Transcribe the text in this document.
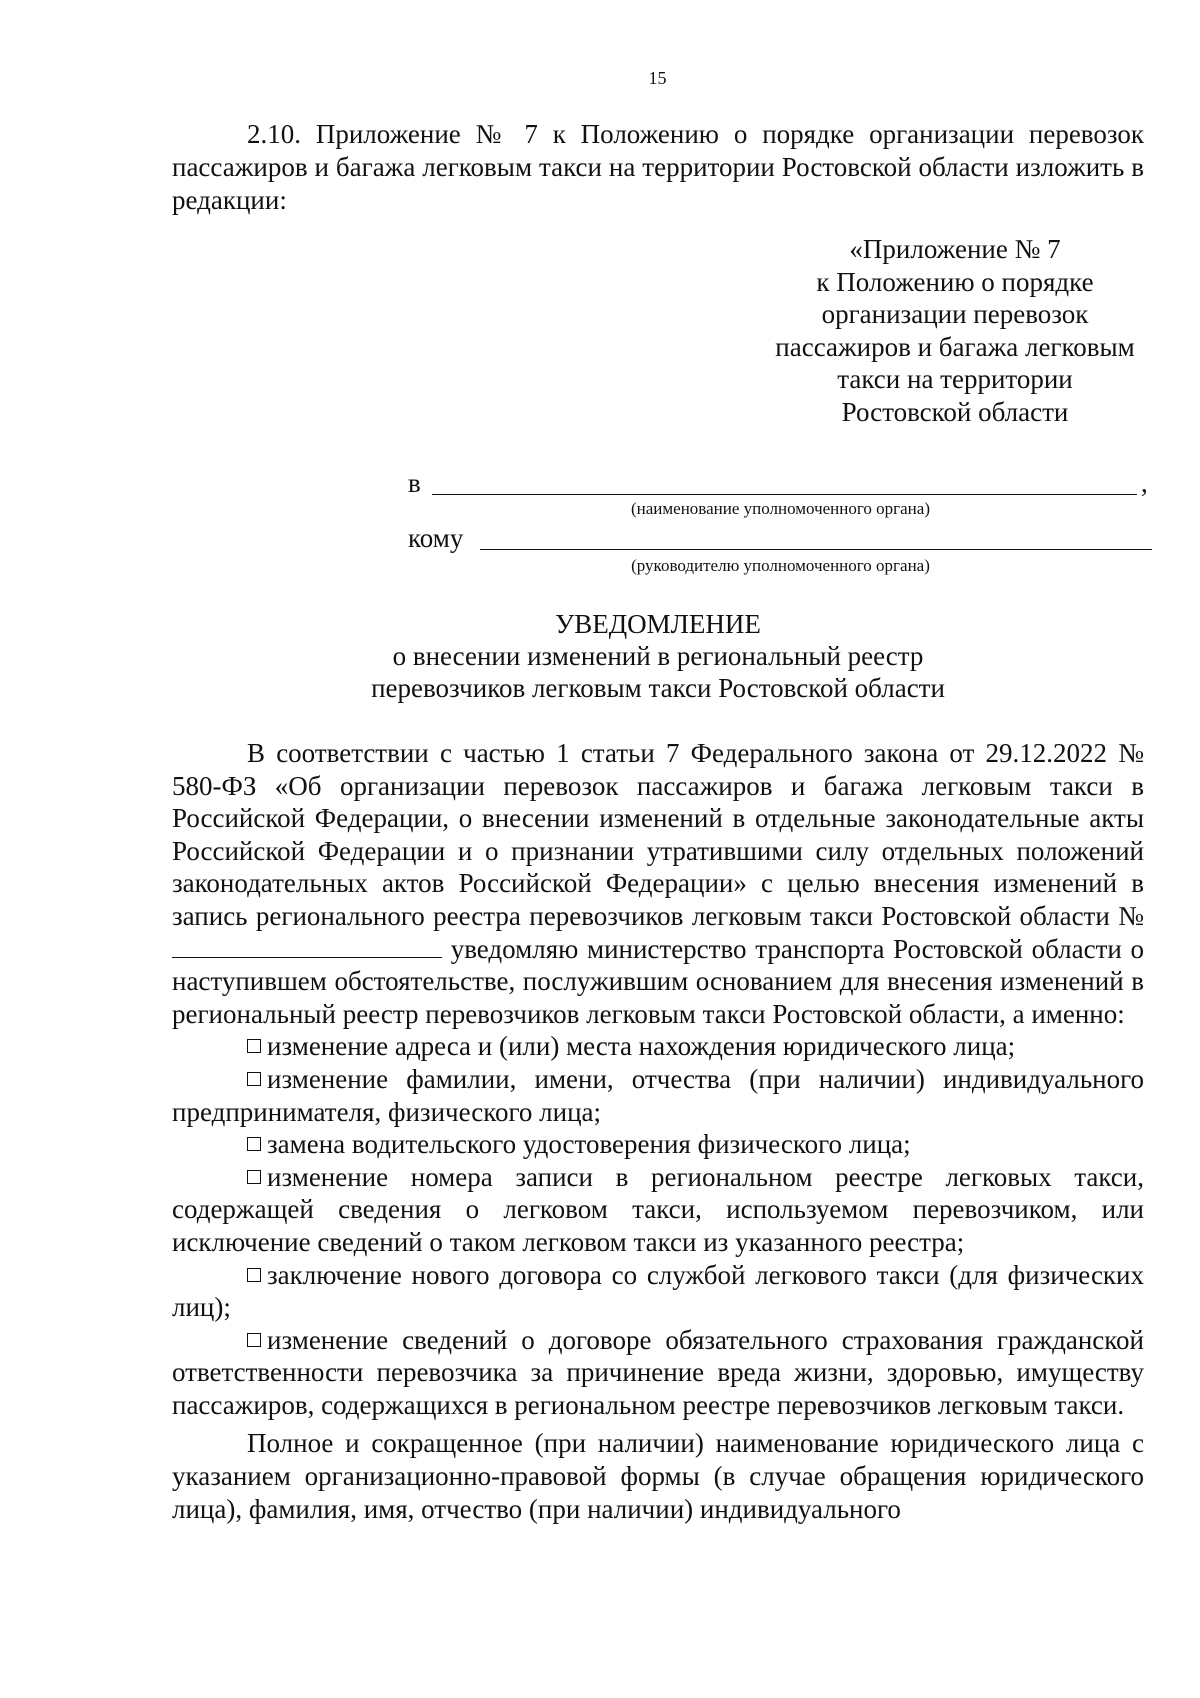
15

2.10. Приложение № 7 к Положению о порядке организации перевозок пассажиров и багажа легковым такси на территории Ростовской области изложить в редакции:

«Приложение № 7
к Положению о порядке
организации перевозок
пассажиров и багажа легковым
такси на территории
Ростовской области
в	,
(наименование уполномоченного органа)
кому
(руководителю уполномоченного органа)
УВЕДОМЛЕНИЕ
о внесении изменений в региональный реестр
перевозчиков легковым такси Ростовской области

В соответствии с частью 1 статьи 7 Федерального закона от 29.12.2022 № 580-ФЗ «Об организации перевозок пассажиров и багажа легковым такси в Российской Федерации, о внесении изменений в отдельные законодательные акты Российской Федерации и о признании утратившими силу отдельных положений законодательных актов Российской Федерации» с целью внесения изменений в запись регионального реестра перевозчиков легковым такси Ростовской области №  уведомляю министерство транспорта Ростовской области о наступившем обстоятельстве, послужившим основанием для внесения изменений в региональный реестр перевозчиков легковым такси Ростовской области, а именно:

изменение адреса и (или) места нахождения юридического лица;

изменение фамилии, имени, отчества (при наличии) индивидуального предпринимателя, физического лица;

замена водительского удостоверения физического лица;

изменение номера записи в региональном реестре легковых такси, содержащей сведения о легковом такси, используемом перевозчиком, или исключение сведений о таком легковом такси из указанного реестра;

заключение нового договора со службой легкового такси (для физических лиц);

изменение сведений о договоре обязательного страхования гражданской ответственности перевозчика за причинение вреда жизни, здоровью, имуществу пассажиров, содержащихся в региональном реестре перевозчиков легковым такси.

Полное и сокращенное (при наличии) наименование юридического лица с указанием организационно-правовой формы (в случае обращения юридического лица), фамилия, имя, отчество (при наличии) индивидуального
